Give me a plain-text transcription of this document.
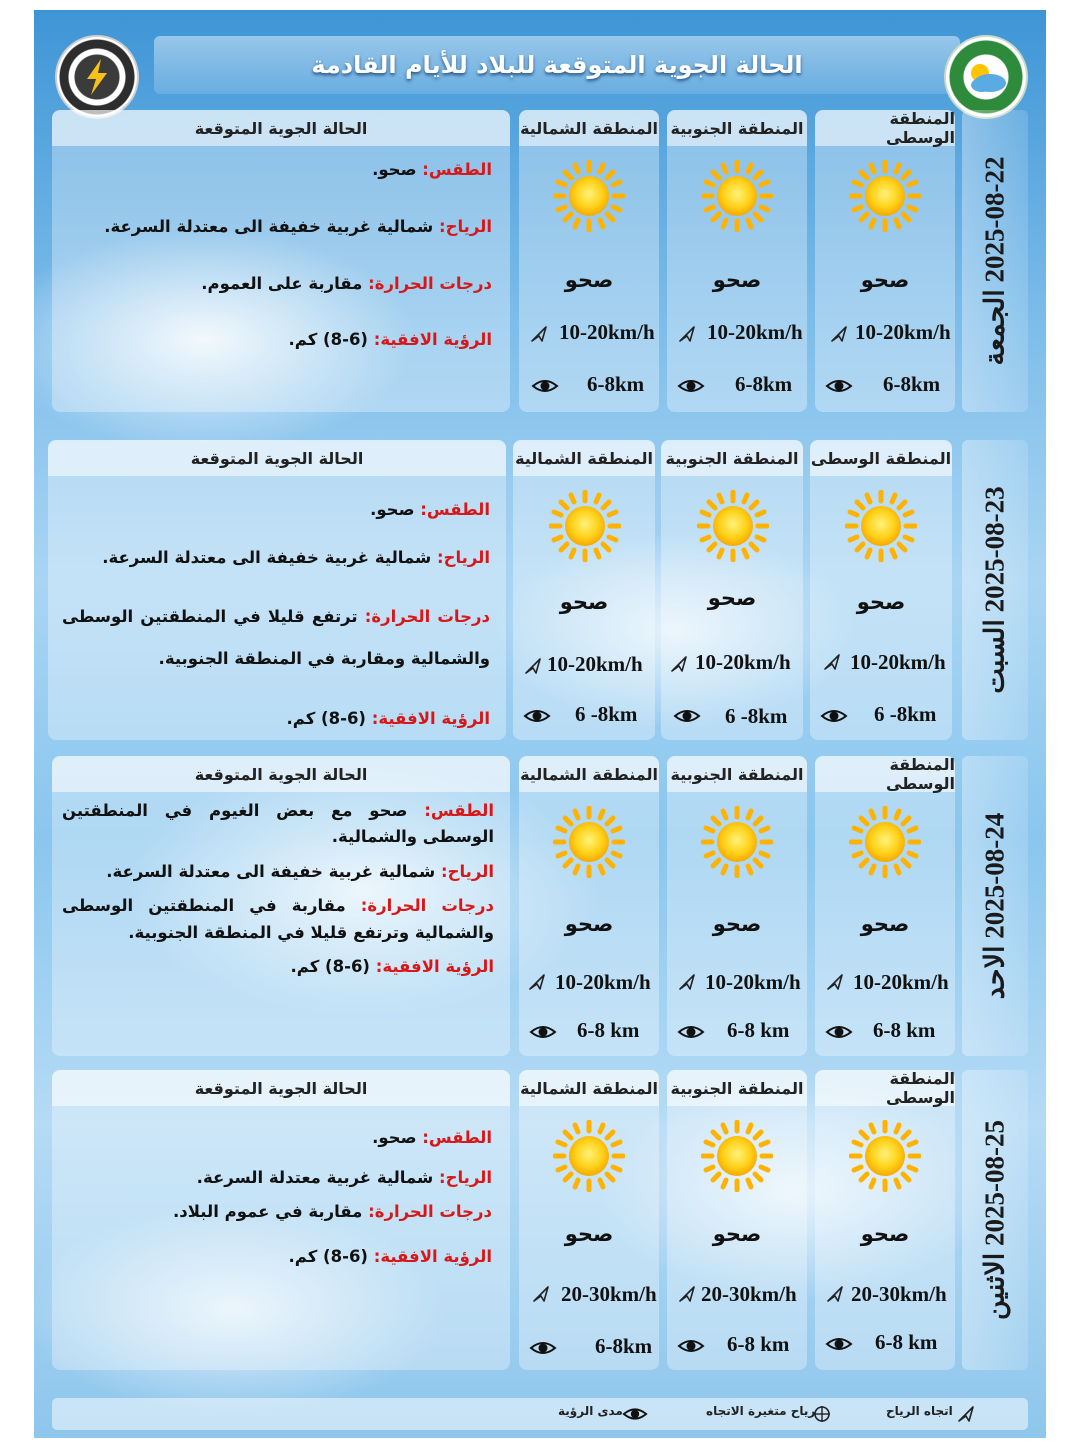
الحالة الجوية المتوقعة للبلاد للأيام القادمة
2025-08-22 الجمعة
المنطقة الوسطى
صحو
10-20km/h
6-8km
المنطقة الجنوبية
صحو
10-20km/h
6-8km
المنطقة الشمالية
صحو
10-20km/h
6-8km
الحالة الجوية المتوقعة

الطقس: صحو.

الرياح: شمالية غربية خفيفة الى معتدلة السرعة.

درجات الحرارة: مقاربة على العموم.

الرؤية الافقية: (6-8) كم.

2025-08-23 السبت
المنطقة الوسطى
صحو
10-20km/h
6 -8km
المنطقة الجنوبية
صحو
10-20km/h
6 -8km
المنطقة الشمالية
صحو
10-20km/h
6 -8km
الحالة الجوية المتوقعة

الطقس: صحو.

الرياح: شمالية غربية خفيفة الى معتدلة السرعة.

درجات الحرارة: ترتفع قليلا في المنطقتين الوسطى والشمالية ومقاربة في المنطقة الجنوبية.

الرؤية الافقية: (6-8) كم.

2025-08-24 الاحد
المنطقة الوسطى
صحو
10-20km/h
6-8 km
المنطقة الجنوبية
صحو
10-20km/h
6-8 km
المنطقة الشمالية
صحو
10-20km/h
6-8 km
الحالة الجوية المتوقعة

الطقس: صحو مع بعض الغيوم في المنطقتين الوسطى والشمالية.

الرياح: شمالية غربية خفيفة الى معتدلة السرعة.

درجات الحرارة: مقاربة في المنطقتين الوسطى والشمالية وترتفع قليلا في المنطقة الجنوبية.

الرؤية الافقية: (6-8) كم.

2025-08-25 الاثنين
المنطقة الوسطى
صحو
20-30km/h
6-8 km
المنطقة الجنوبية
صحو
20-30km/h
6-8 km
المنطقة الشمالية
صحو
20-30km/h
6-8km
الحالة الجوية المتوقعة

الطقس: صحو.

الرياح: شمالية غربية معتدلة السرعة.

درجات الحرارة: مقاربة في عموم البلاد.

الرؤية الافقية: (6-8) كم.

اتجاه الرياح
رياح متغيرة الاتجاه
مدى الرؤية
